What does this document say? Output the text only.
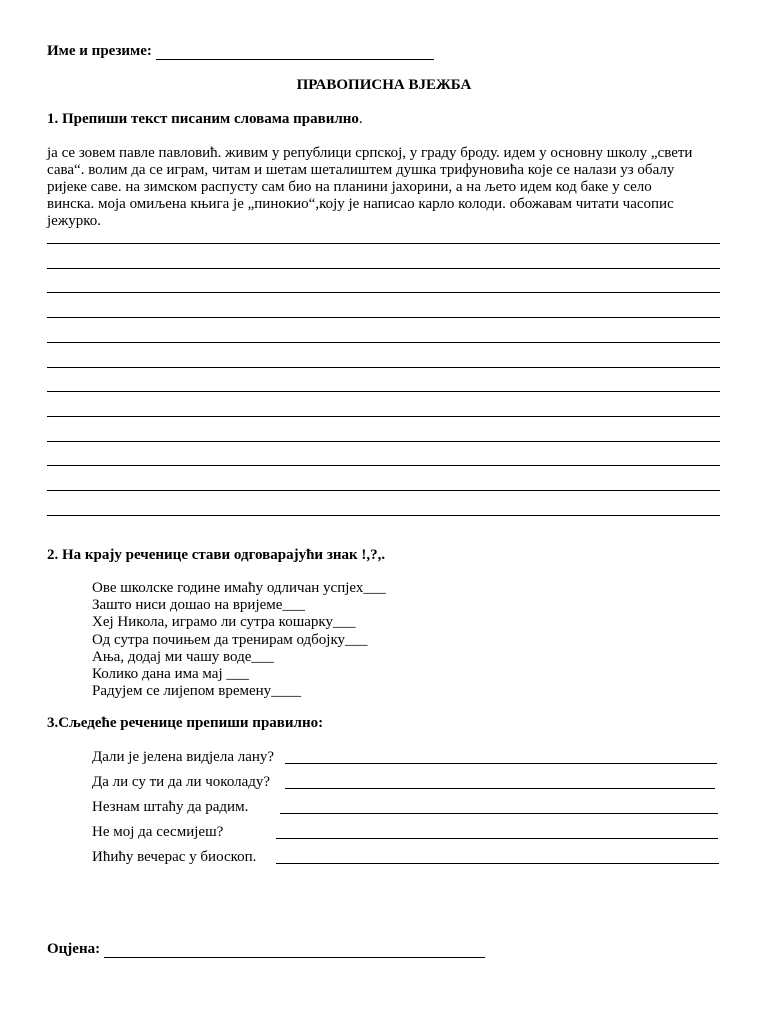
Име и презиме:
ПРАВОПИСНА ВЈЕЖБА
1. Препиши текст писаним словама правилно.
ја се зовем павле павловић. живим у републици српској, у граду броду. идем у основну школу „свети
сава“. волим да се играм, читам и шетам шеталиштем душка трифуновића које се налази уз обалу
ријеке саве. на зимском распусту сам био на планини јахорини, а на љето идем код баке у село
винска. моја омиљена књига је „пинокио“,коју је написао карло колоди. обожавам читати часопис
јежурко.
2. На крају реченице стави одговарајући знак !,?,.
Ове школске године имаћу одличан успјех___
Зашто ниси дошао на вријеме___
Хеј Никола, играмо ли сутра кошарку___
Од сутра почињем да тренирам одбојку___
Ања, додај ми чашу воде___
Колико дана има мај ___
Радујем се лијепом времену____
3.Сљедеће реченице препиши правилно:
Дали је јелена видјела лану?
Да ли су ти да ли чоколаду?
Незнам штаћу да радим.
Не мој да сесмијеш?
Ићићу вечерас у биоскоп.
Оцјена:
